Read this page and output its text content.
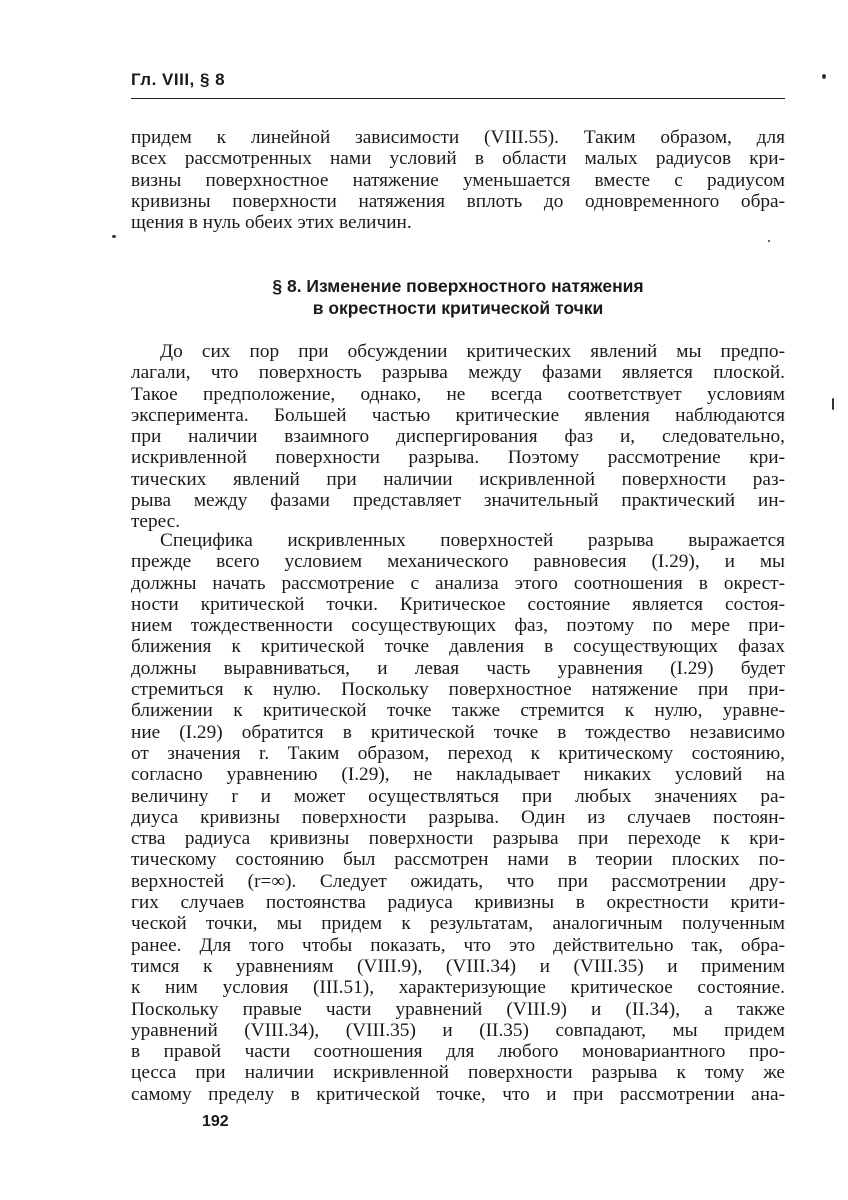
Гл. VIII, § 8
придем к линейной зависимости (VIII.55). Таким образом, для
всех рассмотренных нами условий в области малых радиусов кри-
визны поверхностное натяжение уменьшается вместе с радиусом
кривизны поверхности натяжения вплоть до одновременного обра-
щения в нуль обеих этих величин.
§ 8. Изменение поверхностного натяжения
в окрестности критической точки
До сих пор при обсуждении критических явлений мы предпо-
лагали, что поверхность разрыва между фазами является плоской.
Такое предположение, однако, не всегда соответствует условиям
эксперимента. Большей частью критические явления наблюдаются
при наличии взаимного диспергирования фаз и, следовательно,
искривленной поверхности разрыва. Поэтому рассмотрение кри-
тических явлений при наличии искривленной поверхности раз-
рыва между фазами представляет значительный практический ин-
терес.
Специфика искривленных поверхностей разрыва выражается
прежде всего условием механического равновесия (I.29), и мы
должны начать рассмотрение с анализа этого соотношения в окрест-
ности критической точки. Критическое состояние является состоя-
нием тождественности сосуществующих фаз, поэтому по мере при-
ближения к критической точке давления в сосуществующих фазах
должны выравниваться, и левая часть уравнения (I.29) будет
стремиться к нулю. Поскольку поверхностное натяжение при при-
ближении к критической точке также стремится к нулю, уравне-
ние (I.29) обратится в критической точке в тождество независимо
от значения r. Таким образом, переход к критическому состоянию,
согласно уравнению (I.29), не накладывает никаких условий на
величину r и может осуществляться при любых значениях ра-
диуса кривизны поверхности разрыва. Один из случаев постоян-
ства радиуса кривизны поверхности разрыва при переходе к кри-
тическому состоянию был рассмотрен нами в теории плоских по-
верхностей (r=∞). Следует ожидать, что при рассмотрении дру-
гих случаев постоянства радиуса кривизны в окрестности крити-
ческой точки, мы придем к результатам, аналогичным полученным
ранее. Для того чтобы показать, что это действительно так, обра-
тимся к уравнениям (VIII.9), (VIII.34) и (VIII.35) и применим
к ним условия (III.51), характеризующие критическое состояние.
Поскольку правые части уравнений (VIII.9) и (II.34), а также
уравнений (VIII.34), (VIII.35) и (II.35) совпадают, мы придем
в правой части соотношения для любого моновариантного про-
цесса при наличии искривленной поверхности разрыва к тому же
самому пределу в критической точке, что и при рассмотрении ана-
192
